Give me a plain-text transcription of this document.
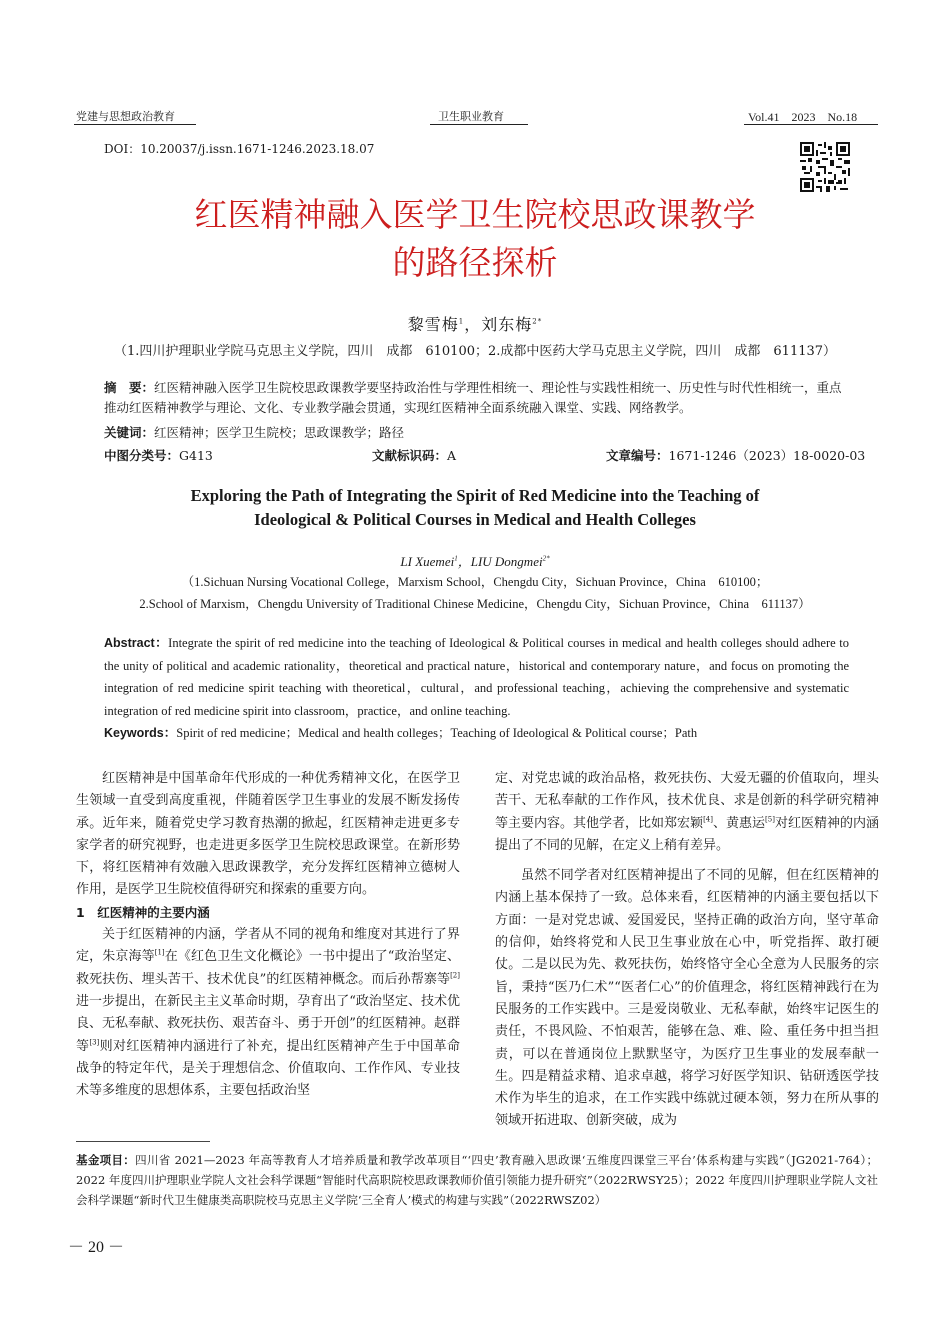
党建与思想政治教育	卫生职业教育	Vol.41　2023　No.18
DOI：10.20037/j.issn.1671-1246.2023.18.07
红医精神融入医学卫生院校思政课教学
的路径探析
黎雪梅$^1$，刘东梅$^{2*}$
（1.四川护理职业学院马克思主义学院，四川　成都　610100；2.成都中医药大学马克思主义学院，四川　成都　611137）
摘　要：红医精神融入医学卫生院校思政课教学要坚持政治性与学理性相统一、理论性与实践性相统一、历史性与时代性相统一，重点推动红医精神教学与理论、文化、专业教学融会贯通，实现红医精神全面系统融入课堂、实践、网络教学。
关键词：红医精神；医学卫生院校；思政课教学；路径
中图分类号：G413	文献标识码：A	文章编号：1671-1246（2023）18-0020-03
Exploring the Path of Integrating the Spirit of Red Medicine into the Teaching of
Ideological & Political Courses in Medical and Health Colleges
LI Xuemei$^1$，LIU Dongmei$^{2*}$
（1.Sichuan Nursing Vocational College，Marxism School，Chengdu City，Sichuan Province，China　610100；
2.School of Marxism，Chengdu University of Traditional Chinese Medicine，Chengdu City，Sichuan Province，China　611137）
Abstract：Integrate the spirit of red medicine into the teaching of Ideological & Political courses in medical and health colleges should adhere to the unity of political and academic rationality，theoretical and practical nature，historical and contemporary nature，and focus on promoting the integration of red medicine spirit teaching with theoretical，cultural，and professional teaching，achieving the comprehensive and systematic integration of red medicine spirit into classroom，practice，and online teaching.
Keywords：Spirit of red medicine；Medical and health colleges；Teaching of Ideological & Political course；Path

红医精神是中国革命年代形成的一种优秀精神文化，在医学卫生领域一直受到高度重视，伴随着医学卫生事业的发展不断发扬传承。近年来，随着党史学习教育热潮的掀起，红医精神走进更多专家学者的研究视野，也走进更多医学卫生院校思政课堂。在新形势下，将红医精神有效融入思政课教学，充分发挥红医精神立德树人作用，是医学卫生院校值得研究和探索的重要方向。

1　红医精神的主要内涵

关于红医精神的内涵，学者从不同的视角和维度对其进行了界定，朱京海等[1]在《红色卫生文化概论》一书中提出了“政治坚定、救死扶伤、埋头苦干、技术优良”的红医精神概念。而后孙帮寨等[2]进一步提出，在新民主主义革命时期，孕育出了“政治坚定、技术优良、无私奉献、救死扶伤、艰苦奋斗、勇于开创”的红医精神。赵群等[3]则对红医精神内涵进行了补充，提出红医精神产生于中国革命战争的特定年代，是关于理想信念、价值取向、工作作风、专业技术等多维度的思想体系，主要包括政治坚

定、对党忠诚的政治品格，救死扶伤、大爱无疆的价值取向，埋头苦干、无私奉献的工作作风，技术优良、求是创新的科学研究精神等主要内容。其他学者，比如郑宏颖[4]、黄惠运[5]对红医精神的内涵提出了不同的见解，在定义上稍有差异。

虽然不同学者对红医精神提出了不同的见解，但在红医精神的内涵上基本保持了一致。总体来看，红医精神的内涵主要包括以下方面：一是对党忠诚、爱国爱民，坚持正确的政治方向，坚守革命的信仰，始终将党和人民卫生事业放在心中，听党指挥、敢打硬仗。二是以民为先、救死扶伤，始终恪守全心全意为人民服务的宗旨，秉持“医乃仁术”“医者仁心”的价值理念，将红医精神践行在为民服务的工作实践中。三是爱岗敬业、无私奉献，始终牢记医生的责任，不畏风险、不怕艰苦，能够在急、难、险、重任务中担当担责，可以在普通岗位上默默坚守，为医疗卫生事业的发展奉献一生。四是精益求精、追求卓越，将学习好医学知识、钻研透医学技术作为毕生的追求，在工作实践中练就过硬本领，努力在所从事的领域开拓进取、创新突破，成为

基金项目：四川省 2021—2023 年高等教育人才培养质量和教学改革项目“‘四史’教育融入思政课‘五维度四课堂三平台’体系构建与实践”（JG2021-764）；2022 年度四川护理职业学院人文社会科学课题“智能时代高职院校思政课教师价值引领能力提升研究”（2022RWSY25）；2022 年度四川护理职业学院人文社会科学课题“新时代卫生健康类高职院校马克思主义学院‘三全育人’模式的构建与实践”（2022RWSZ02）
－ 20 －
